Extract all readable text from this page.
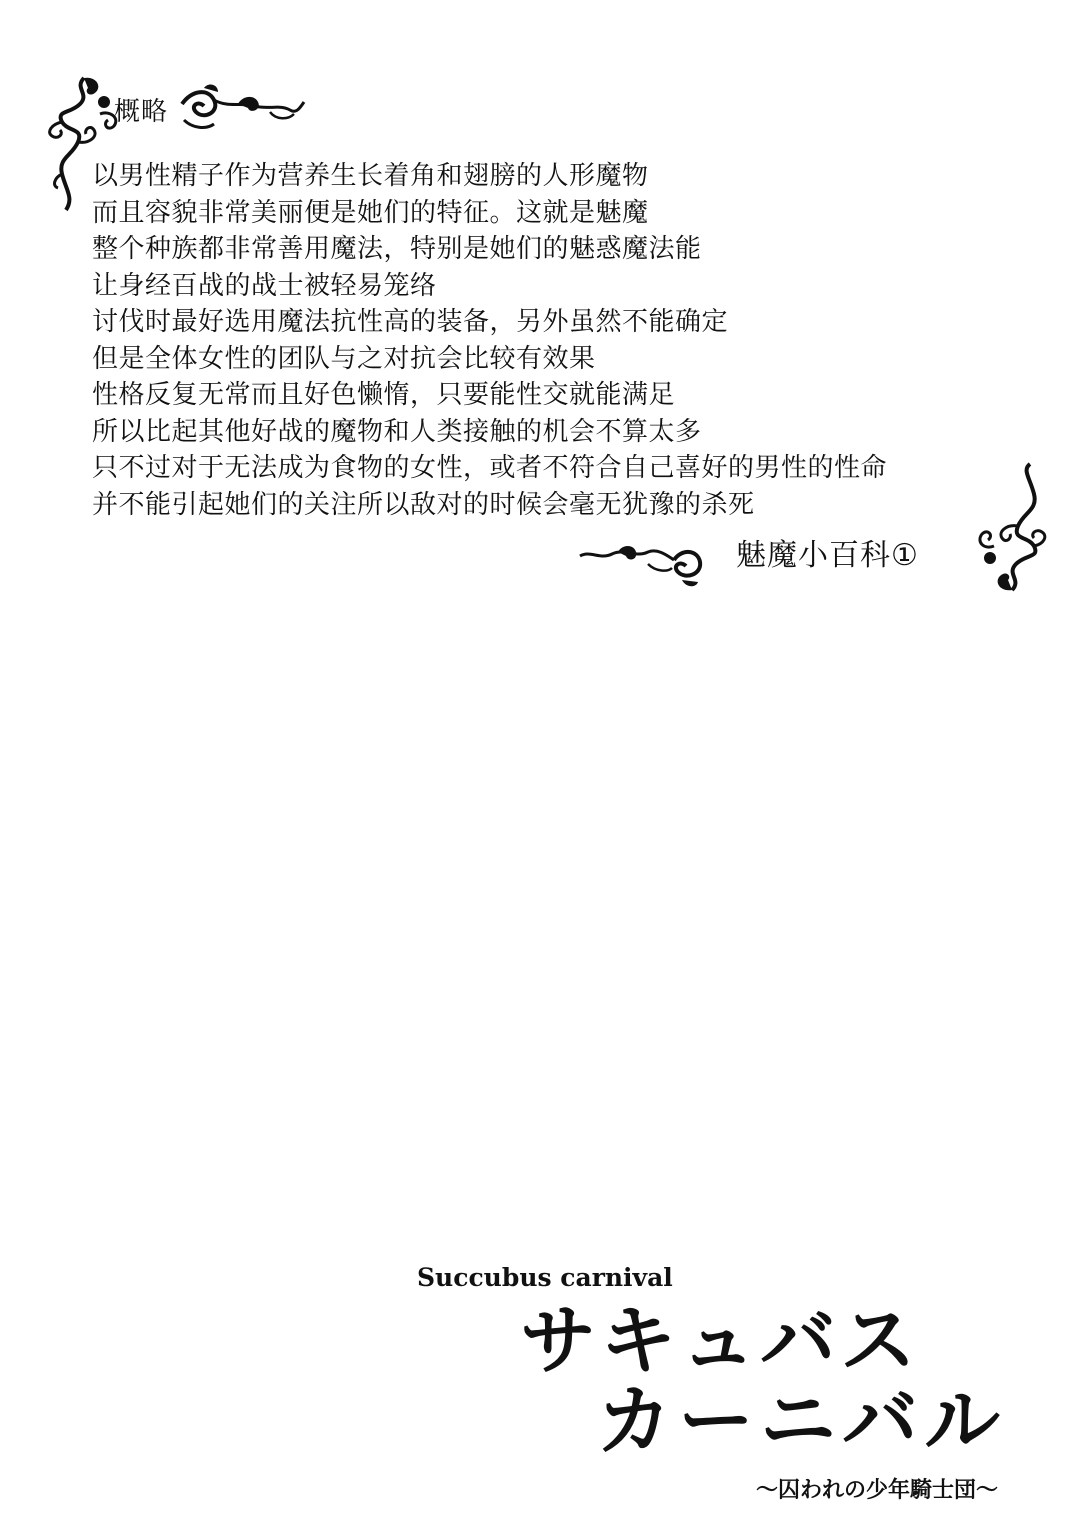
概略
以男性精子作为营养生长着角和翅膀的人形魔物
而且容貌非常美丽便是她们的特征。这就是魅魔
整个种族都非常善用魔法，特别是她们的魅惑魔法能
让身经百战的战士被轻易笼络
讨伐时最好选用魔法抗性高的装备，另外虽然不能确定
但是全体女性的团队与之对抗会比较有效果
性格反复无常而且好色懒惰，只要能性交就能满足
所以比起其他好战的魔物和人类接触的机会不算太多
只不过对于无法成为食物的女性，或者不符合自己喜好的男性的性命
并不能引起她们的关注所以敌对的时候会毫无犹豫的杀死
魅魔小百科①
Succubus carnival
サキュバス
カーニバル
～囚われの少年騎士団～
